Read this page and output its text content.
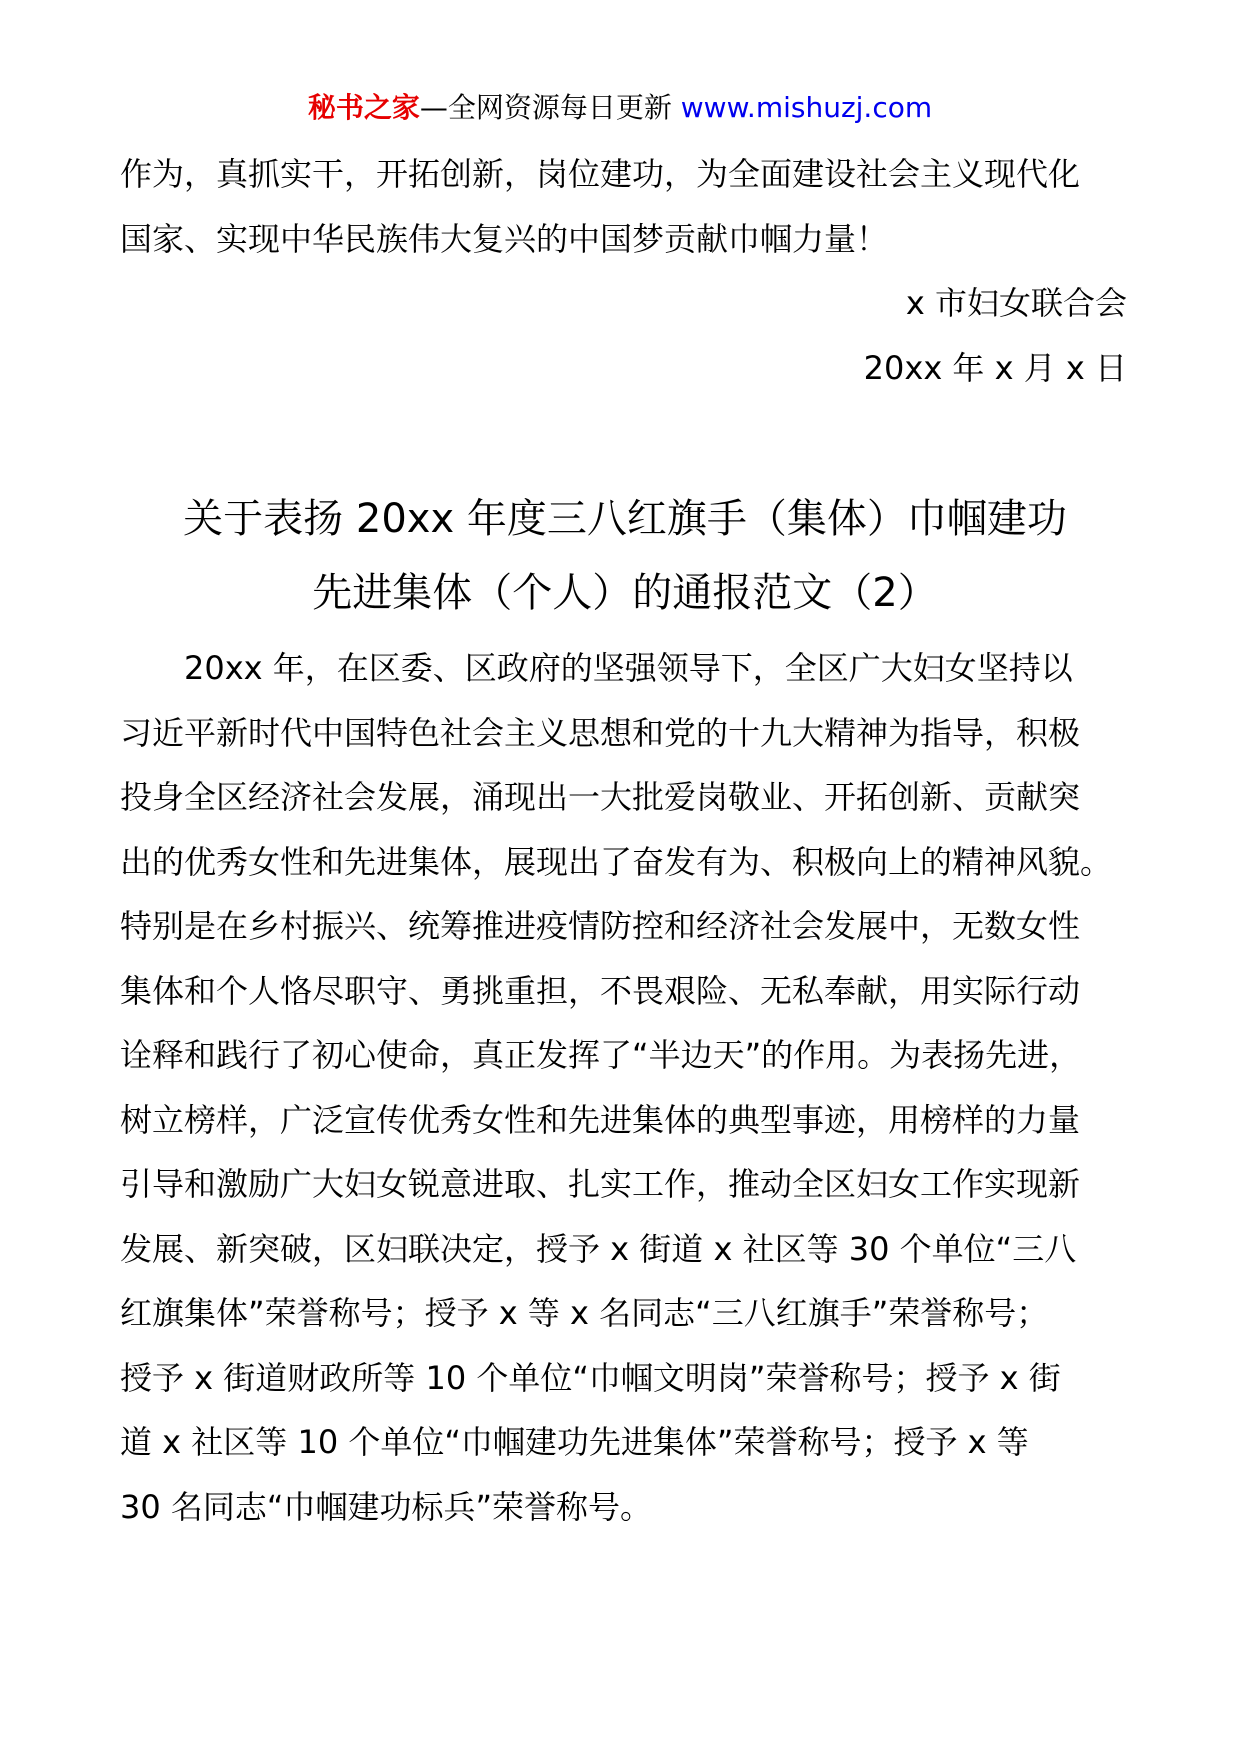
秘书之家—全网资源每日更新 www.mishuzj.com
作为，真抓实干，开拓创新，岗位建功，为全面建设社会主义现代化
国家、实现中华民族伟大复兴的中国梦贡献巾帼力量！
x 市妇女联合会
20xx 年 x 月 x 日
关于表扬 20xx 年度三八红旗手（集体）巾帼建功
先进集体（个人）的通报范文（2）
20xx 年，在区委、区政府的坚强领导下，全区广大妇女坚持以
习近平新时代中国特色社会主义思想和党的十九大精神为指导，积极
投身全区经济社会发展，涌现出一大批爱岗敬业、开拓创新、贡献突
出的优秀女性和先进集体，展现出了奋发有为、积极向上的精神风貌。
特别是在乡村振兴、统筹推进疫情防控和经济社会发展中，无数女性
集体和个人恪尽职守、勇挑重担，不畏艰险、无私奉献，用实际行动
诠释和践行了初心使命，真正发挥了“半边天”的作用。为表扬先进，
树立榜样，广泛宣传优秀女性和先进集体的典型事迹，用榜样的力量
引导和激励广大妇女锐意进取、扎实工作，推动全区妇女工作实现新
发展、新突破，区妇联决定，授予 x 街道 x 社区等 30 个单位“三八
红旗集体”荣誉称号；授予 x 等 x 名同志“三八红旗手”荣誉称号；
授予 x 街道财政所等 10 个单位“巾帼文明岗”荣誉称号；授予 x 街
道 x 社区等 10 个单位“巾帼建功先进集体”荣誉称号；授予 x 等
30 名同志“巾帼建功标兵”荣誉称号。
